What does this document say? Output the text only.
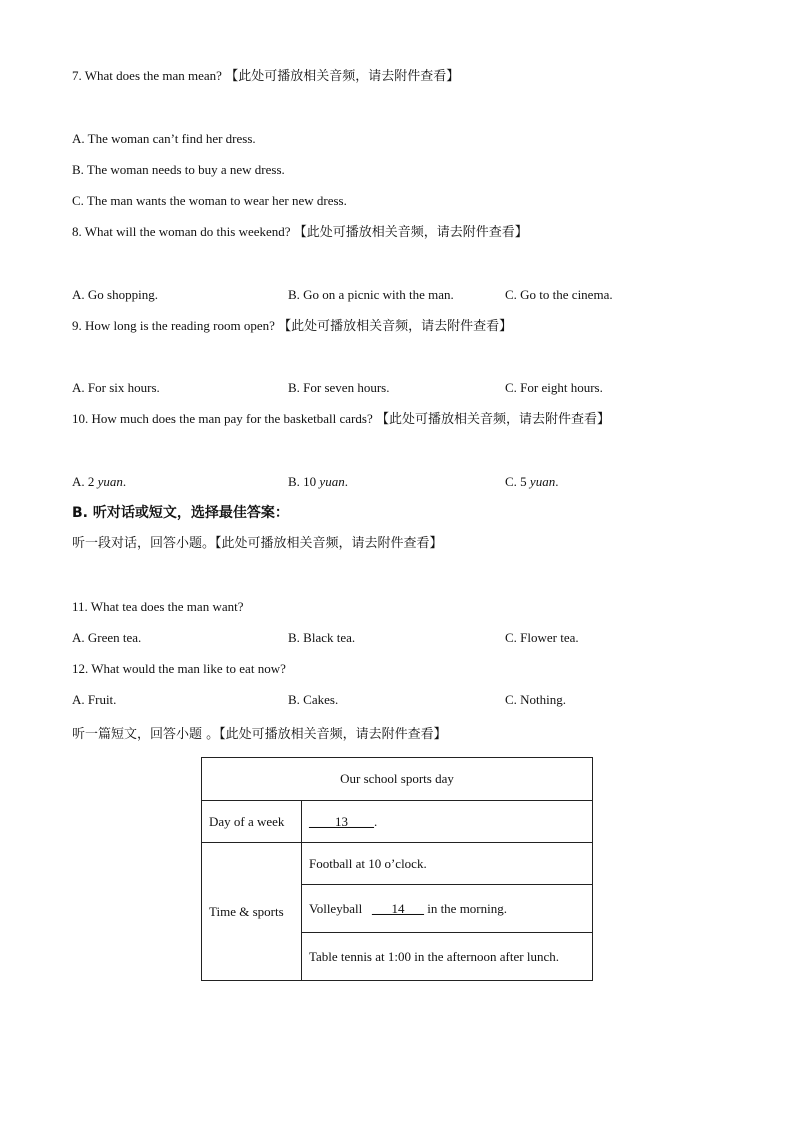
7. What does the man mean? 【此处可播放相关音频，请去附件查看】
A. The woman can’t find her dress.
B. The woman needs to buy a new dress.
C. The man wants the woman to wear her new dress.
8. What will the woman do this weekend? 【此处可播放相关音频，请去附件查看】
A. Go shopping.	B. Go on a picnic with the man.	C. Go to the cinema.
9. How long is the reading room open? 【此处可播放相关音频，请去附件查看】
A. For six hours.	B. For seven hours.	C. For eight hours.
10. How much does the man pay for the basketball cards? 【此处可播放相关音频，请去附件查看】
A. 2 yuan.	B. 10 yuan.	C. 5 yuan.
B. 听对话或短文，选择最佳答案：
听一段对话，回答小题。【此处可播放相关音频，请去附件查看】
11. What tea does the man want?
A. Green tea.	B. Black tea.	C. Flower tea.
12. What would the man like to eat now?
A. Fruit.	B. Cakes.	C. Nothing.
听一篇短文，回答小题 。【此处可播放相关音频，请去附件查看】
Our school sports day	
Day of a week	____13____.
Time & sports	Football at 10 o’clock.
	Volleyball   ___14___ in the morning.
	Table tennis at 1:00 in the afternoon after lunch.
